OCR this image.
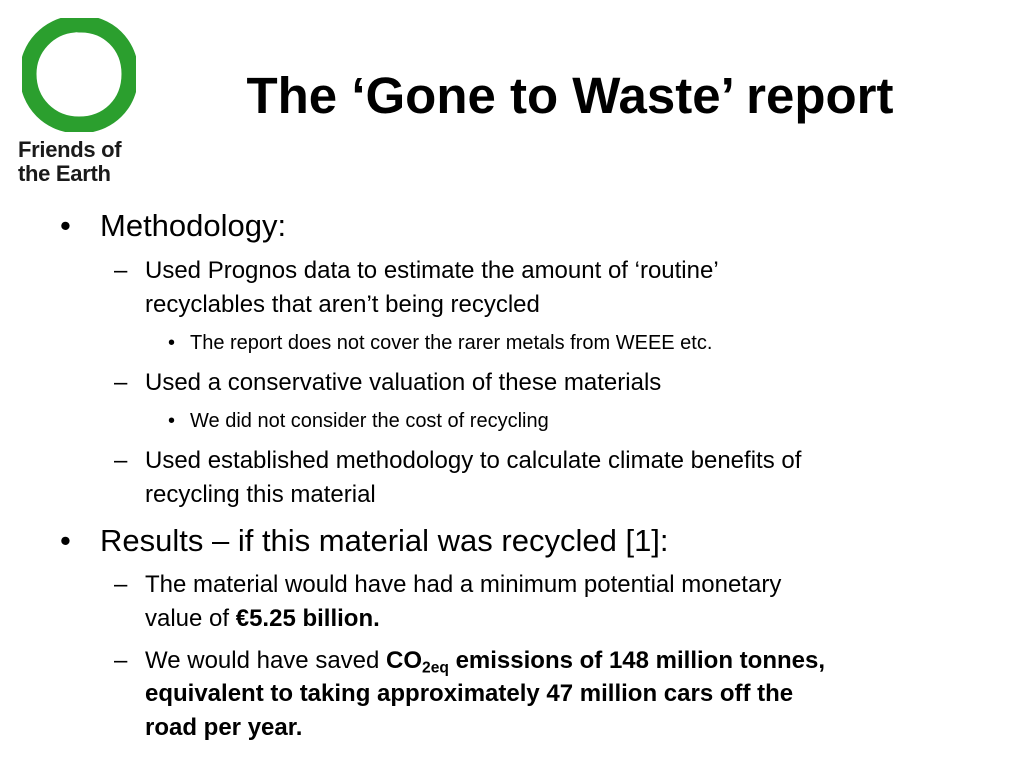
Friends of
the Earth
The ‘Gone to Waste’ report
• Methodology:
– Used Prognos data to estimate the amount of ‘routine’
recyclables that aren’t being recycled
• The report does not cover the rarer metals from WEEE etc.
– Used a conservative valuation of these materials
• We did not consider the cost of recycling
– Used established methodology to calculate climate benefits of
recycling this material
• Results – if this material was recycled [1]:
– The material would have had a minimum potential monetary
value of €5.25 billion.
– We would have saved $CO_{2eq}$ emissions of 148 million tonnes,
equivalent to taking approximately 47 million cars off the
road per year.
